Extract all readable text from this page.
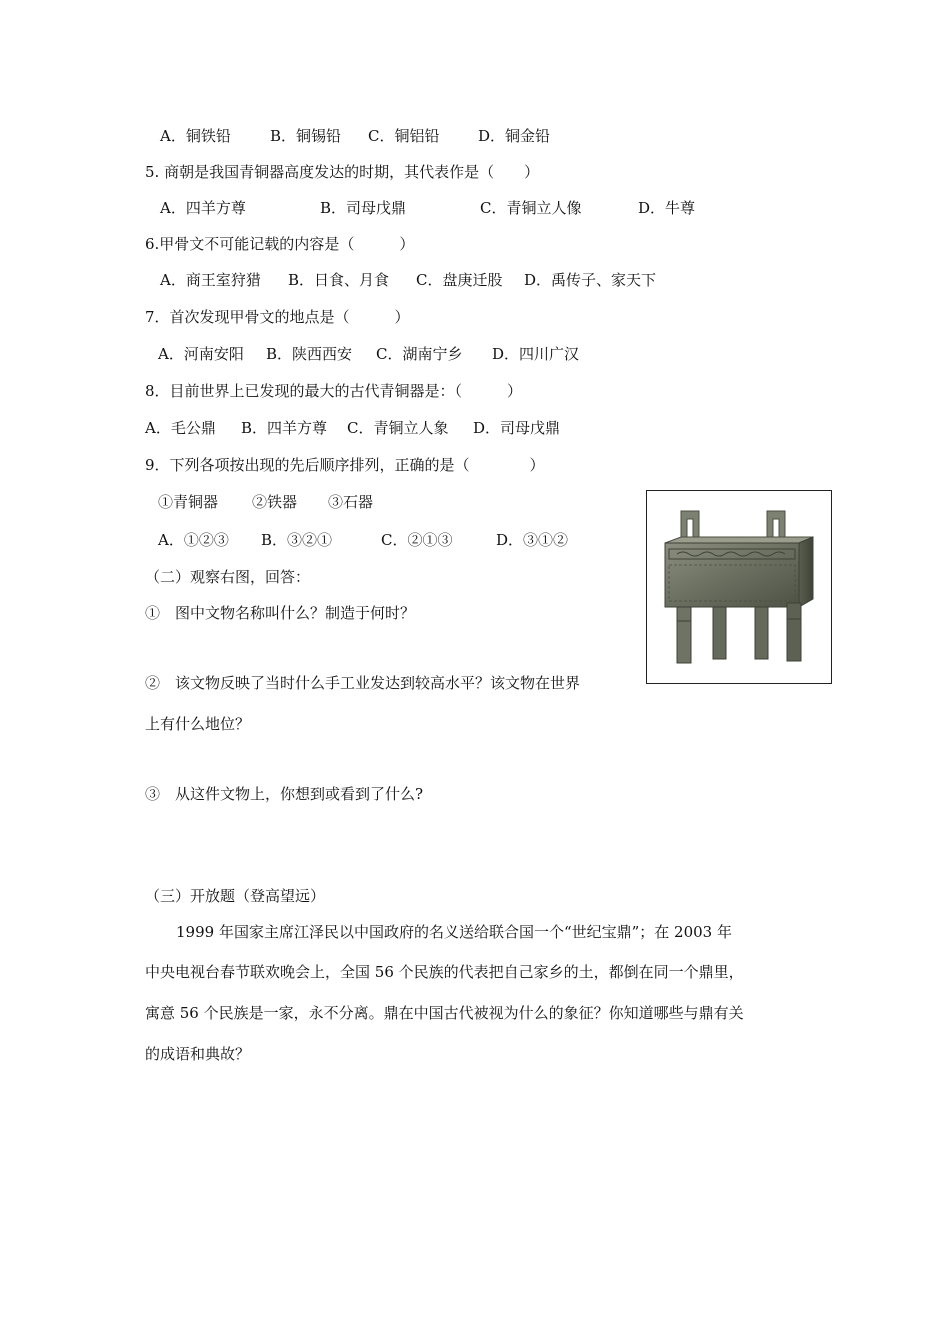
A．铜铁铅	B．铜锡铅 C．铜铝铅	D．铜金铅
5. 商朝是我国青铜器高度发达的时期，其代表作是（　　）
A．四羊方尊	B．司母戊鼎	C．青铜立人像	D．牛尊
6.甲骨文不可能记载的内容是（　　　）
A．商王室狩猎 B．日食、月食 C．盘庚迁股 D．禹传子、家天下
7．首次发现甲骨文的地点是（　　　）
A．河南安阳 B．陕西西安 C．湖南宁乡 D．四川广汉
8．目前世界上已发现的最大的古代青铜器是：（　　　）
A．毛公鼎 B．四羊方尊 C．青铜立人象 D．司母戊鼎
9．下列各项按出现的先后顺序排列，正确的是（　　　　）
①青铜器 ②铁器 ③石器
A．①②③ B．③②①	C．②①③	D．③①②
（二）观察右图，回答：
①　图中文物名称叫什么？制造于何时？
②　该文物反映了当时什么手工业发达到较高水平？该文物在世界
上有什么地位？
③　从这件文物上，你想到或看到了什么?
（三）开放题（登高望远）
1999 年国家主席江泽民以中国政府的名义送给联合国一个“世纪宝鼎”；在 2003 年
中央电视台春节联欢晚会上，全国 56 个民族的代表把自己家乡的土，都倒在同一个鼎里，
寓意 56 个民族是一家，永不分离。鼎在中国古代被视为什么的象征？你知道哪些与鼎有关
的成语和典故？
